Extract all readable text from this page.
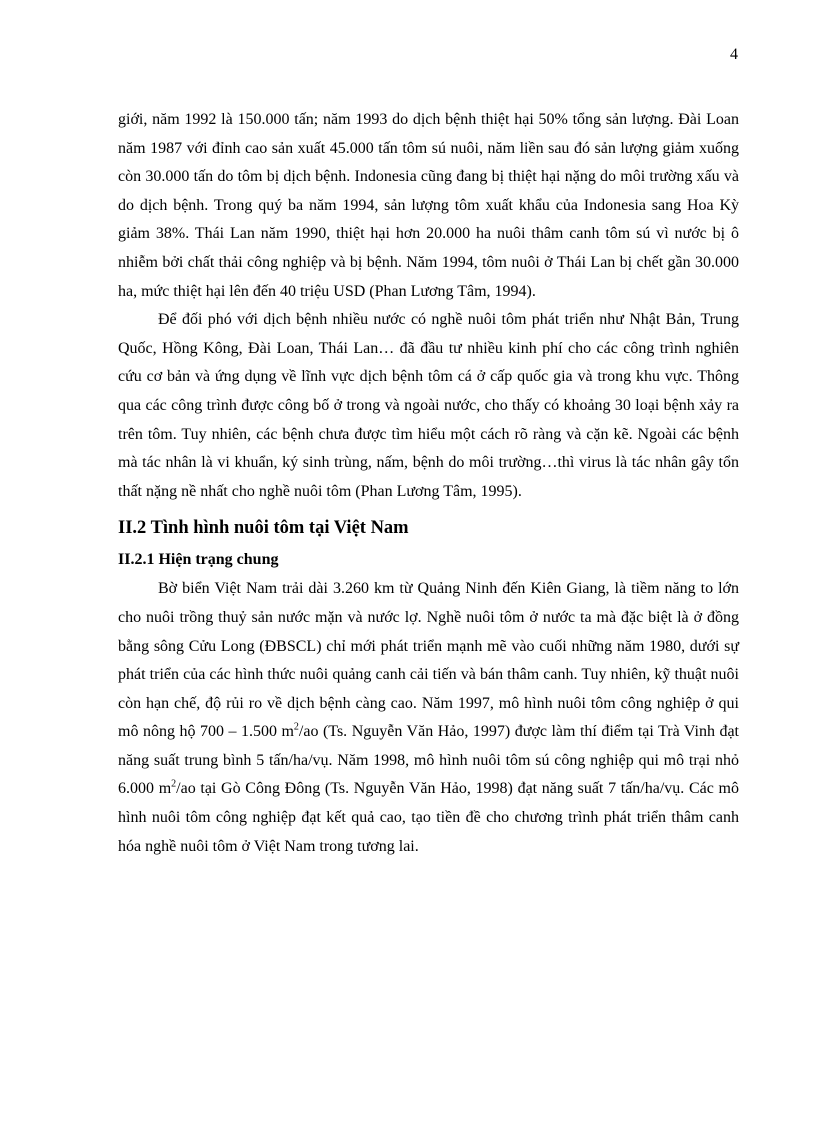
4

giới, năm 1992 là 150.000 tấn; năm 1993 do dịch bệnh thiệt hại 50% tổng sản lượng. Đài Loan năm 1987 với đỉnh cao sản xuất 45.000 tấn tôm sú nuôi, năm liền sau đó sản lượng giảm xuống còn 30.000 tấn do tôm bị dịch bệnh. Indonesia cũng đang bị thiệt hại nặng do môi trường xấu và do dịch bệnh. Trong quý ba năm 1994, sản lượng tôm xuất khẩu của Indonesia sang Hoa Kỳ giảm 38%. Thái Lan năm 1990, thiệt hại hơn 20.000 ha nuôi thâm canh tôm sú vì nước bị ô nhiễm bởi chất thải công nghiệp và bị bệnh. Năm 1994, tôm nuôi ở Thái Lan bị chết gần 30.000 ha, mức thiệt hại lên đến 40 triệu USD (Phan Lương Tâm, 1994).

Để đối phó với dịch bệnh nhiều nước có nghề nuôi tôm phát triển như Nhật Bản, Trung Quốc, Hồng Kông, Đài Loan, Thái Lan… đã đầu tư nhiều kinh phí cho các công trình nghiên cứu cơ bản và ứng dụng về lĩnh vực dịch bệnh tôm cá ở cấp quốc gia và trong khu vực. Thông qua các công trình được công bố ở trong và ngoài nước, cho thấy có khoảng 30 loại bệnh xảy ra trên tôm. Tuy nhiên, các bệnh chưa được tìm hiểu một cách rõ ràng và cặn kẽ. Ngoài các bệnh mà tác nhân là vi khuẩn, ký sinh trùng, nấm, bệnh do môi trường…thì virus là tác nhân gây tổn thất nặng nề nhất cho nghề nuôi tôm (Phan Lương Tâm, 1995).

II.2 Tình hình nuôi tôm tại Việt Nam
II.2.1 Hiện trạng chung

Bờ biển Việt Nam trải dài 3.260 km từ Quảng Ninh đến Kiên Giang, là tiềm năng to lớn cho nuôi trồng thuỷ sản nước mặn và nước lợ. Nghề nuôi tôm ở nước ta mà đặc biệt là ở đồng bằng sông Cửu Long (ĐBSCL) chỉ mới phát triển mạnh mẽ vào cuối những năm 1980, dưới sự phát triển của các hình thức nuôi quảng canh cải tiến và bán thâm canh. Tuy nhiên, kỹ thuật nuôi còn hạn chế, độ rủi ro về dịch bệnh càng cao. Năm 1997, mô hình nuôi tôm công nghiệp ở qui mô nông hộ 700 – 1.500 $m^2/ao$ (Ts. Nguyễn Văn Hảo, 1997) được làm thí điểm tại Trà Vinh đạt năng suất trung bình 5 tấn/ha/vụ. Năm 1998, mô hình nuôi tôm sú công nghiệp qui mô trại nhỏ 6.000 $m^2/ao$ tại Gò Công Đông (Ts. Nguyễn Văn Hảo, 1998) đạt năng suất 7 tấn/ha/vụ. Các mô hình nuôi tôm công nghiệp đạt kết quả cao, tạo tiền đề cho chương trình phát triển thâm canh hóa nghề nuôi tôm ở Việt Nam trong tương lai.
